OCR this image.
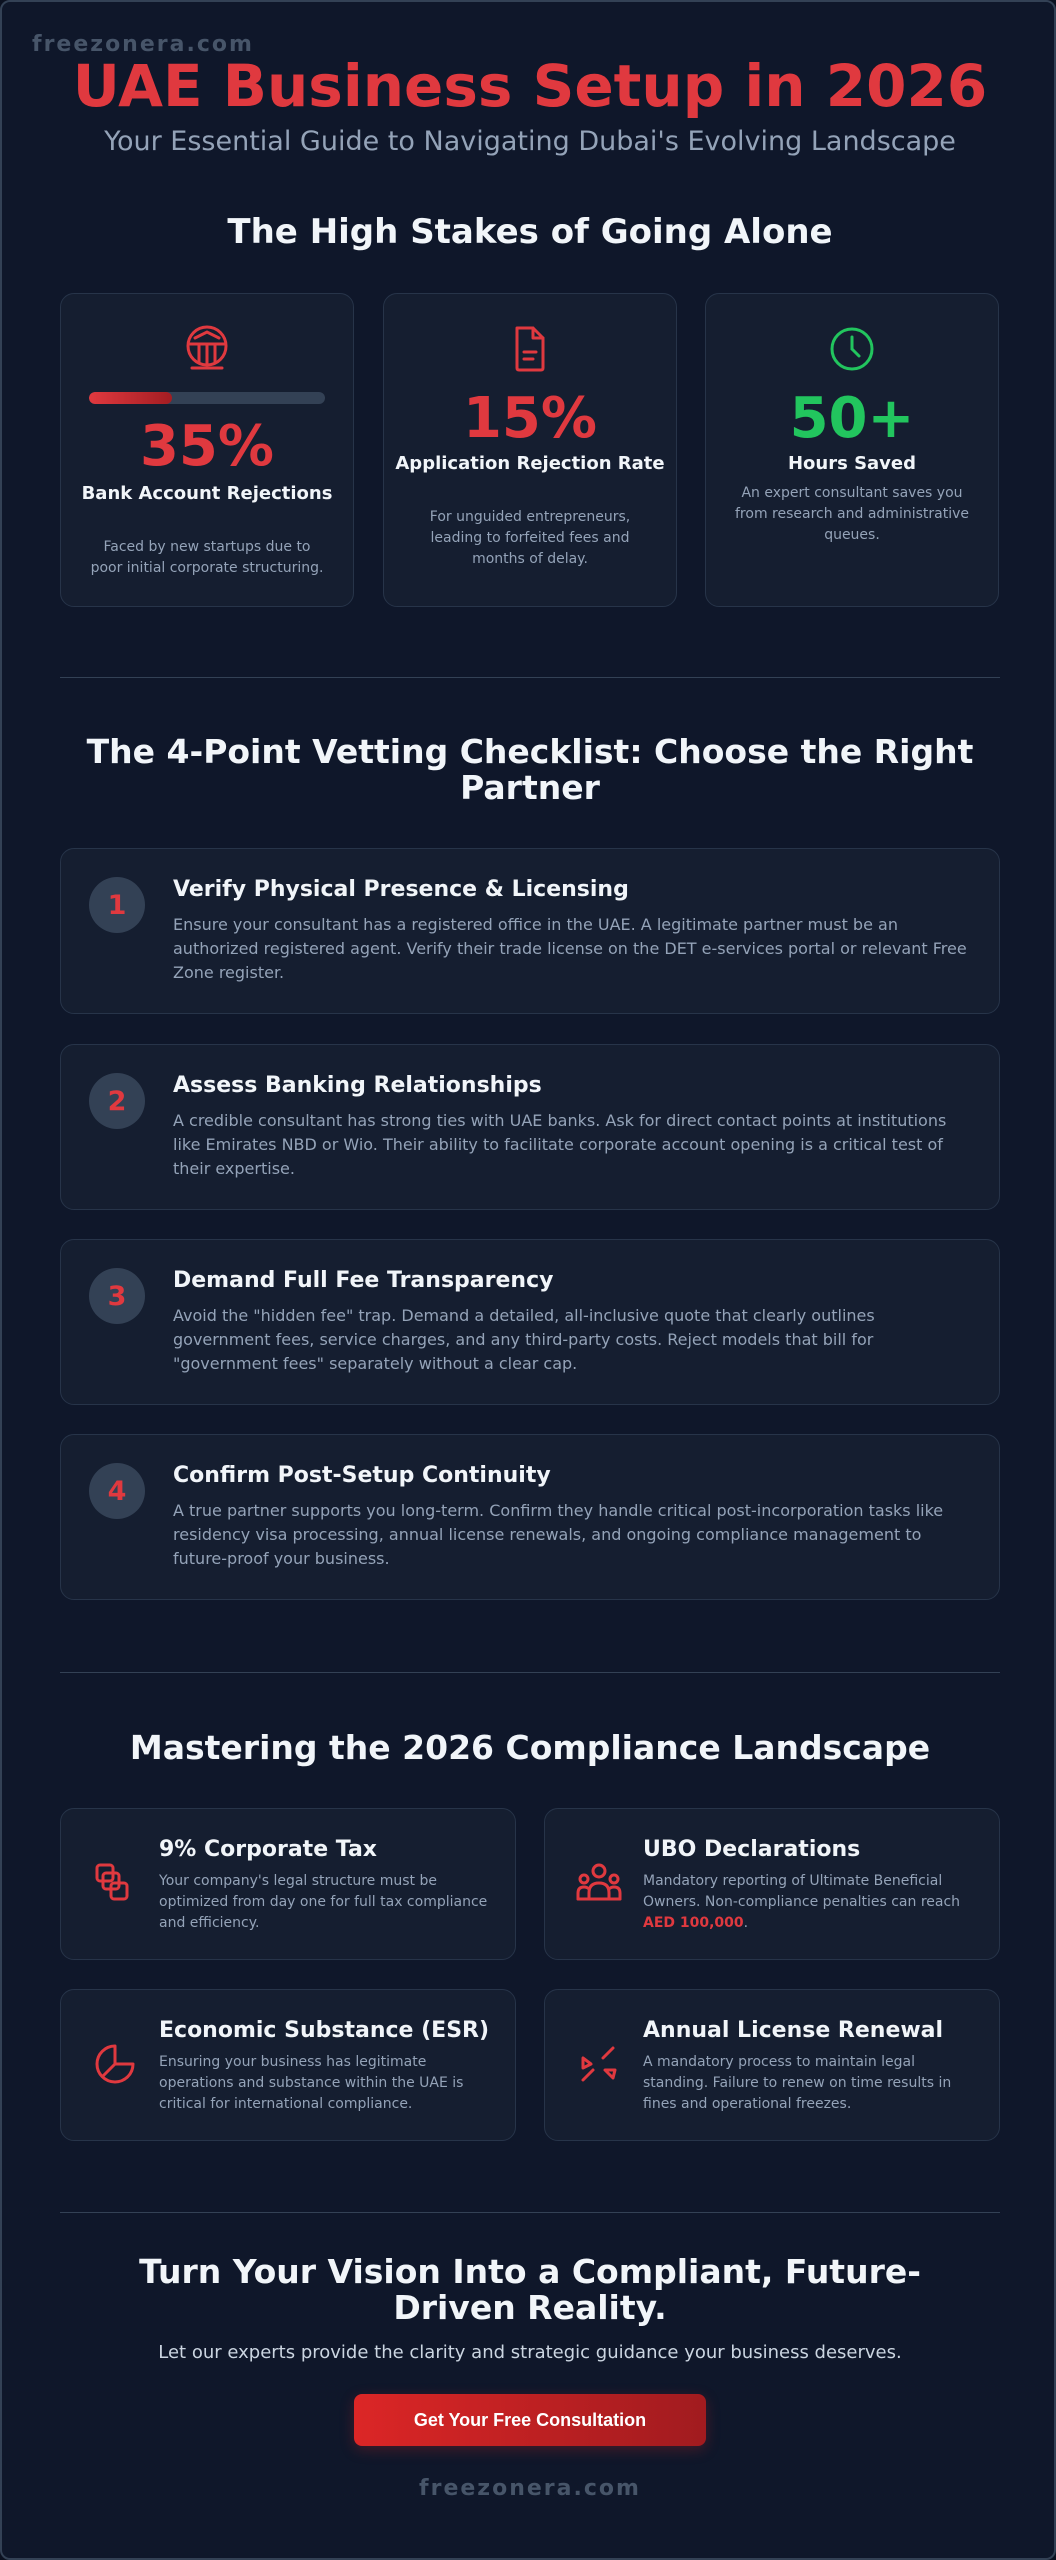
freezonera.com
UAE Business Setup in 2026
Your Essential Guide to Navigating Dubai's Evolving Landscape
The High Stakes of Going Alone
35%
Bank Account Rejections
Faced by new startups due to poor initial corporate structuring.
15%
Application Rejection Rate
For unguided entrepreneurs, leading to forfeited fees and months of delay.
50+
Hours Saved
An expert consultant saves you from research and administrative queues.
The 4-Point Vetting Checklist: Choose the Right Partner
1	Verify Physical Presence & Licensing
Ensure your consultant has a registered office in the UAE. A legitimate partner must be an authorized registered agent. Verify their trade license on the DET e-services portal or relevant Free Zone register.
2	Assess Banking Relationships
A credible consultant has strong ties with UAE banks. Ask for direct contact points at institutions like Emirates NBD or Wio. Their ability to facilitate corporate account opening is a critical test of their expertise.
3	Demand Full Fee Transparency
Avoid the "hidden fee" trap. Demand a detailed, all-inclusive quote that clearly outlines government fees, service charges, and any third-party costs. Reject models that bill for "government fees" separately without a clear cap.
4	Confirm Post-Setup Continuity
A true partner supports you long-term. Confirm they handle critical post-incorporation tasks like residency visa processing, annual license renewals, and ongoing compliance management to future-proof your business.
Mastering the 2026 Compliance Landscape
9% Corporate Tax
Your company's legal structure must be optimized from day one for full tax compliance and efficiency.
UBO Declarations
Mandatory reporting of Ultimate Beneficial Owners. Non-compliance penalties can reach AED 100,000.
Economic Substance (ESR)
Ensuring your business has legitimate operations and substance within the UAE is critical for international compliance.
Annual License Renewal
A mandatory process to maintain legal standing. Failure to renew on time results in fines and operational freezes.
Turn Your Vision Into a Compliant, Future-Driven Reality.
Let our experts provide the clarity and strategic guidance your business deserves.
Get Your Free Consultation
freezonera.com
